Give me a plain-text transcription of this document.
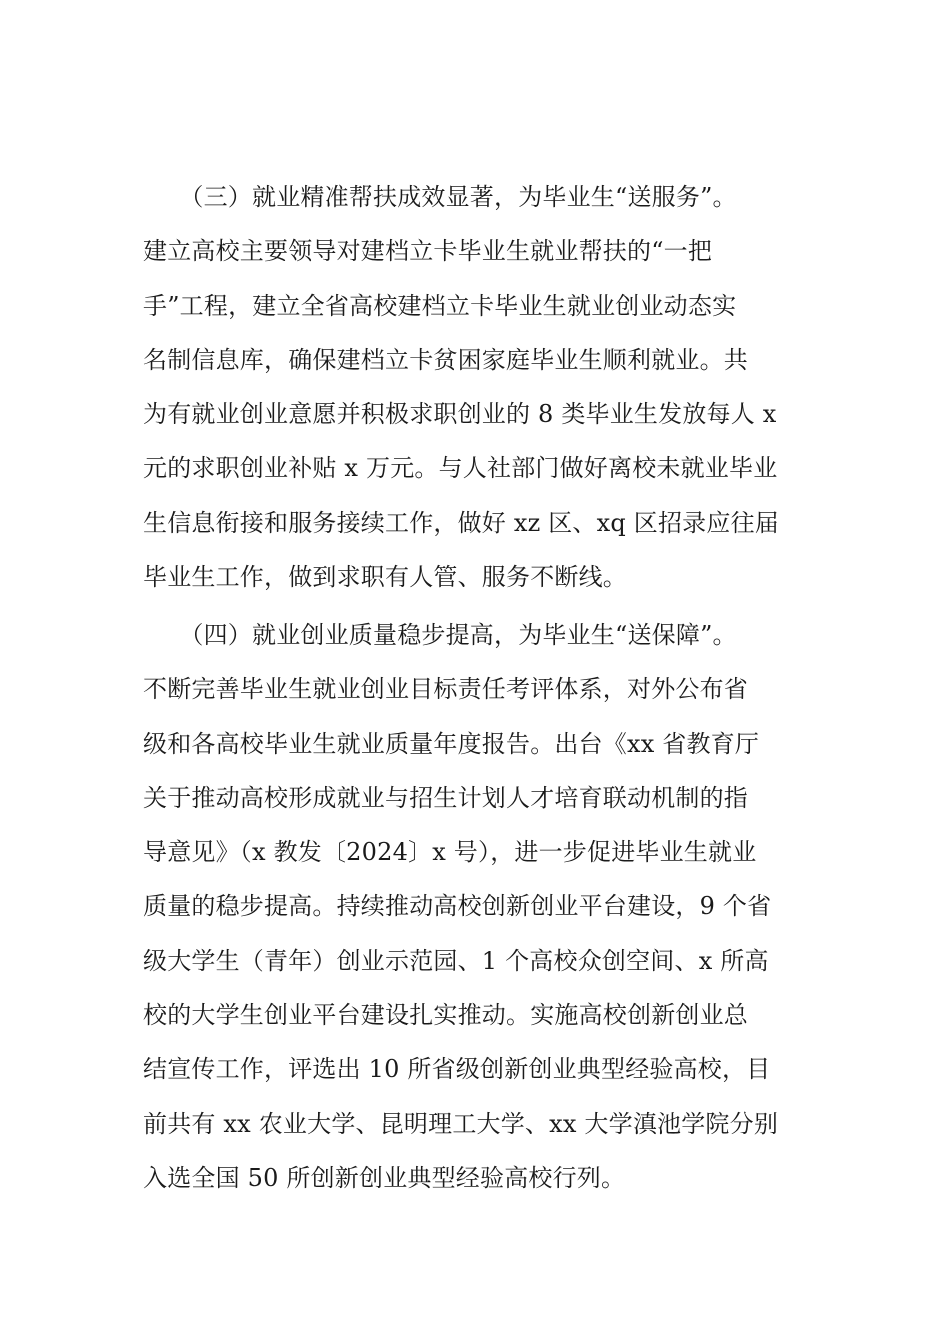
　　（三）就业精准帮扶成效显著，为毕业生“送服务”。
建立高校主要领导对建档立卡毕业生就业帮扶的“一把
手”工程，建立全省高校建档立卡毕业生就业创业动态实
名制信息库，确保建档立卡贫困家庭毕业生顺利就业。共
为有就业创业意愿并积极求职创业的 8 类毕业生发放每人 x
元的求职创业补贴 x 万元。与人社部门做好离校未就业毕业
生信息衔接和服务接续工作，做好 xz 区、xq 区招录应往届
毕业生工作，做到求职有人管、服务不断线。
　　（四）就业创业质量稳步提高，为毕业生“送保障”。
不断完善毕业生就业创业目标责任考评体系，对外公布省
级和各高校毕业生就业质量年度报告。出台《xx 省教育厅
关于推动高校形成就业与招生计划人才培育联动机制的指
导意见》（x 教发〔2024〕x 号），进一步促进毕业生就业
质量的稳步提高。持续推动高校创新创业平台建设，9 个省
级大学生（青年）创业示范园、1 个高校众创空间、x 所高
校的大学生创业平台建设扎实推动。实施高校创新创业总
结宣传工作，评选出 10 所省级创新创业典型经验高校，目
前共有 xx 农业大学、昆明理工大学、xx 大学滇池学院分别
入选全国 50 所创新创业典型经验高校行列。
